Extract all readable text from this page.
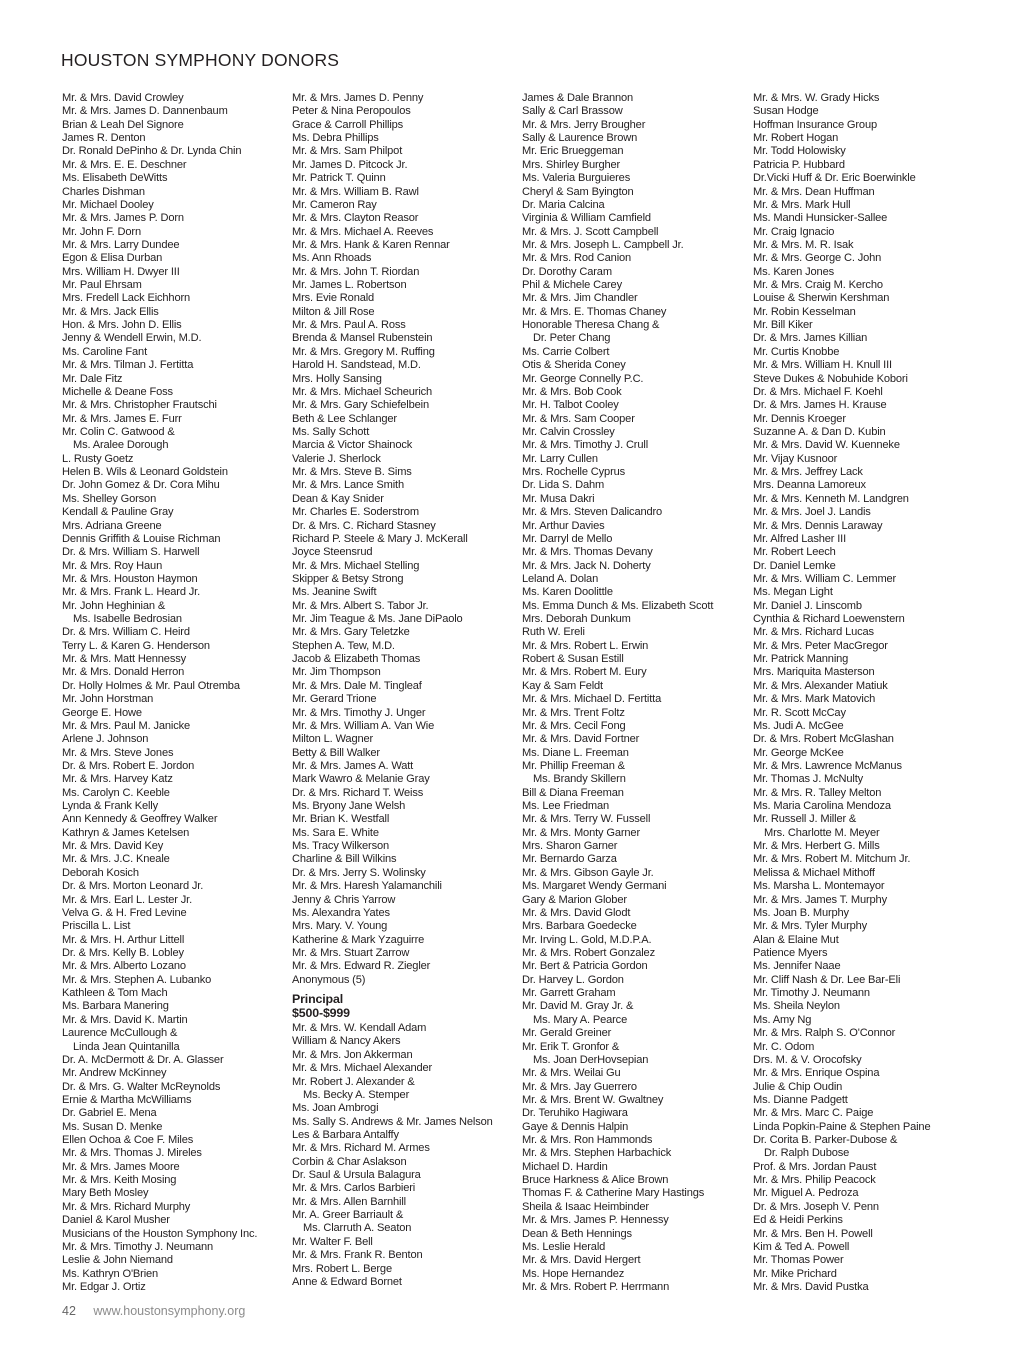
HOUSTON SYMPHONY DONORS
Mr. & Mrs. David Crowley
Mr. & Mrs. James D. Dannenbaum
Brian & Leah Del Signore
James R. Denton
Dr. Ronald DePinho & Dr. Lynda Chin
Mr. & Mrs. E. E. Deschner
Ms. Elisabeth DeWitts
Charles Dishman
Mr. Michael Dooley
Mr. & Mrs. James P. Dorn
Mr. John F. Dorn
Mr. & Mrs. Larry Dundee
Egon & Elisa Durban
Mrs. William H. Dwyer III
Mr. Paul Ehrsam
Mrs. Fredell Lack Eichhorn
Mr. & Mrs. Jack Ellis
Hon. & Mrs. John D. Ellis
Jenny & Wendell Erwin, M.D.
Ms. Caroline Fant
Mr. & Mrs. Tilman J. Fertitta
Mr. Dale Fitz
Michelle & Deane Foss
Mr. & Mrs. Christopher Frautschi
Mr. & Mrs. James E. Furr
Mr. Colin C. Gatwood &
Ms. Aralee Dorough
L. Rusty Goetz
Helen B. Wils & Leonard Goldstein
Dr. John Gomez & Dr. Cora Mihu
Ms. Shelley Gorson
Kendall & Pauline Gray
Mrs. Adriana Greene
Dennis Griffith & Louise Richman
Dr. & Mrs. William S. Harwell
Mr. & Mrs. Roy Haun
Mr. & Mrs. Houston Haymon
Mr. & Mrs. Frank L. Heard Jr.
Mr. John Heghinian &
Ms. Isabelle Bedrosian
Dr. & Mrs. William C. Heird
Terry L. & Karen G. Henderson
Mr. & Mrs. Matt Hennessy
Mr. & Mrs. Donald Herron
Dr. Holly Holmes & Mr. Paul Otremba
Mr. John Horstman
George E. Howe
Mr. & Mrs. Paul M. Janicke
Arlene J. Johnson
Mr. & Mrs. Steve Jones
Dr. & Mrs. Robert E. Jordon
Mr. & Mrs. Harvey Katz
Ms. Carolyn C. Keeble
Lynda & Frank Kelly
Ann Kennedy & Geoffrey Walker
Kathryn & James Ketelsen
Mr. & Mrs. David Key
Mr. & Mrs. J.C. Kneale
Deborah Kosich
Dr. & Mrs. Morton Leonard Jr.
Mr. & Mrs. Earl L. Lester Jr.
Velva G. & H. Fred Levine
Priscilla L. List
Mr. & Mrs. H. Arthur Littell
Dr. & Mrs. Kelly B. Lobley
Mr. & Mrs. Alberto Lozano
Mr. & Mrs. Stephen A. Lubanko
Kathleen & Tom Mach
Ms. Barbara Manering
Mr. & Mrs. David K. Martin
Laurence McCullough &
Linda Jean Quintanilla
Dr. A. McDermott & Dr. A. Glasser
Mr. Andrew McKinney
Dr. & Mrs. G. Walter McReynolds
Ernie & Martha McWilliams
Dr. Gabriel E. Mena
Ms. Susan D. Menke
Ellen Ochoa & Coe F. Miles
Mr. & Mrs. Thomas J. Mireles
Mr. & Mrs. James Moore
Mr. & Mrs. Keith Mosing
Mary Beth Mosley
Mr. & Mrs. Richard Murphy
Daniel & Karol Musher
Musicians of the Houston Symphony Inc.
Mr. & Mrs. Timothy J. Neumann
Leslie & John Niemand
Ms. Kathryn O'Brien
Mr. Edgar J. Ortiz
Mr. & Mrs. James D. Penny
Peter & Nina Peropoulos
Grace & Carroll Phillips
Ms. Debra Phillips
Mr. & Mrs. Sam Philpot
Mr. James D. Pitcock Jr.
Mr. Patrick T. Quinn
Mr. & Mrs. William B. Rawl
Mr. Cameron Ray
Mr. & Mrs. Clayton Reasor
Mr. & Mrs. Michael A. Reeves
Mr. & Mrs. Hank & Karen Rennar
Ms. Ann Rhoads
Mr. & Mrs. John T. Riordan
Mr. James L. Robertson
Mrs. Evie Ronald
Milton & Jill Rose
Mr. & Mrs. Paul A. Ross
Brenda & Mansel Rubenstein
Mr. & Mrs. Gregory M. Ruffing
Harold H. Sandstead, M.D.
Mrs. Holly Sansing
Mr. & Mrs. Michael Scheurich
Mr. & Mrs. Gary Schiefelbein
Beth & Lee Schlanger
Ms. Sally Schott
Marcia & Victor Shainock
Valerie J. Sherlock
Mr. & Mrs. Steve B. Sims
Mr. & Mrs. Lance Smith
Dean & Kay Snider
Mr. Charles E. Soderstrom
Dr. & Mrs. C. Richard Stasney
Richard P. Steele & Mary J. McKerall
Joyce Steensrud
Mr. & Mrs. Michael Stelling
Skipper & Betsy Strong
Ms. Jeanine Swift
Mr. & Mrs. Albert S. Tabor Jr.
Mr. Jim Teague & Ms. Jane DiPaolo
Mr. & Mrs. Gary Teletzke
Stephen A. Tew, M.D.
Jacob & Elizabeth Thomas
Mr. Jim Thompson
Mr. & Mrs. Dale M. Tingleaf
Mr. Gerard Trione
Mr. & Mrs. Timothy J. Unger
Mr. & Mrs. William A. Van Wie
Milton L. Wagner
Betty & Bill Walker
Mr. & Mrs. James A. Watt
Mark Wawro & Melanie Gray
Dr. & Mrs. Richard T. Weiss
Ms. Bryony Jane Welsh
Mr. Brian K. Westfall
Ms. Sara E. White
Ms. Tracy Wilkerson
Charline & Bill Wilkins
Dr. & Mrs. Jerry S. Wolinsky
Mr. & Mrs. Haresh Yalamanchili
Jenny & Chris Yarrow
Ms. Alexandra Yates
Mrs. Mary. V. Young
Katherine & Mark Yzaguirre
Mr. & Mrs. Stuart Zarrow
Mr. & Mrs. Edward R. Ziegler
Anonymous (5)
Principal
$500-$999
Mr. & Mrs. W. Kendall Adam
William & Nancy Akers
Mr. & Mrs. Jon Akkerman
Mr. & Mrs. Michael Alexander
Mr. Robert J. Alexander &
Ms. Becky A. Stemper
Ms. Joan Ambrogi
Ms. Sally S. Andrews & Mr. James Nelson
Les & Barbara Antalffy
Mr. & Mrs. Richard M. Armes
Corbin & Char Aslakson
Dr. Saul & Ursula Balagura
Mr. & Mrs. Carlos Barbieri
Mr. & Mrs. Allen Barnhill
Mr. A. Greer Barriault &
Ms. Clarruth A. Seaton
Mr. Walter F. Bell
Mr. & Mrs. Frank R. Benton
Mrs. Robert L. Berge
Anne & Edward Bornet
James & Dale Brannon
Sally & Carl Brassow
Mr. & Mrs. Jerry Brougher
Sally & Laurence Brown
Mr. Eric Brueggeman
Mrs. Shirley Burgher
Ms. Valeria Burguieres
Cheryl & Sam Byington
Dr. Maria Calcina
Virginia & William Camfield
Mr. & Mrs. J. Scott Campbell
Mr. & Mrs. Joseph L. Campbell Jr.
Mr. & Mrs. Rod Canion
Dr. Dorothy Caram
Phil & Michele Carey
Mr. & Mrs. Jim Chandler
Mr. & Mrs. E. Thomas Chaney
Honorable Theresa Chang &
Dr. Peter Chang
Ms. Carrie Colbert
Otis & Sherida Coney
Mr. George Connelly P.C.
Mr. & Mrs. Bob Cook
Mr. H. Talbot Cooley
Mr. & Mrs. Sam Cooper
Mr. Calvin Crossley
Mr. & Mrs. Timothy J. Crull
Mr. Larry Cullen
Mrs. Rochelle Cyprus
Dr. Lida S. Dahm
Mr. Musa Dakri
Mr. & Mrs. Steven Dalicandro
Mr. Arthur Davies
Mr. Darryl de Mello
Mr. & Mrs. Thomas Devany
Mr. & Mrs. Jack N. Doherty
Leland A. Dolan
Ms. Karen Doolittle
Ms. Emma Dunch & Ms. Elizabeth Scott
Mrs. Deborah Dunkum
Ruth W. Ereli
Mr. & Mrs. Robert L. Erwin
Robert & Susan Estill
Mr. & Mrs. Robert M. Eury
Kay & Sam Feldt
Mr. & Mrs. Michael D. Fertitta
Mr. & Mrs. Trent Foltz
Mr. & Mrs. Cecil Fong
Mr. & Mrs. David Fortner
Ms. Diane L. Freeman
Mr. Phillip Freeman &
Ms. Brandy Skillern
Bill & Diana Freeman
Ms. Lee Friedman
Mr. & Mrs. Terry W. Fussell
Mr. & Mrs. Monty Garner
Mrs. Sharon Garner
Mr. Bernardo Garza
Mr. & Mrs. Gibson Gayle Jr.
Ms. Margaret Wendy Germani
Gary & Marion Glober
Mr. & Mrs. David Glodt
Mrs. Barbara Goedecke
Mr. Irving L. Gold, M.D.P.A.
Mr. & Mrs. Robert Gonzalez
Mr. Bert & Patricia Gordon
Dr. Harvey L. Gordon
Mr. Garrett Graham
Mr. David M. Gray Jr. &
Ms. Mary A. Pearce
Mr. Gerald Greiner
Mr. Erik T. Gronfor &
Ms. Joan DerHovsepian
Mr. & Mrs. Weilai Gu
Mr. & Mrs. Jay Guerrero
Mr. & Mrs. Brent W. Gwaltney
Dr. Teruhiko Hagiwara
Gaye & Dennis Halpin
Mr. & Mrs. Ron Hammonds
Mr. & Mrs. Stephen Harbachick
Michael D. Hardin
Bruce Harkness & Alice Brown
Thomas F. & Catherine Mary Hastings
Sheila & Isaac Heimbinder
Mr. & Mrs. James P. Hennessy
Dean & Beth Hennings
Ms. Leslie Herald
Mr. & Mrs. David Hergert
Ms. Hope Hernandez
Mr. & Mrs. Robert P. Herrmann
Mr. & Mrs. W. Grady Hicks
Susan Hodge
Hoffman Insurance Group
Mr. Robert Hogan
Mr. Todd Holowisky
Patricia P. Hubbard
Dr.Vicki Huff & Dr. Eric Boerwinkle
Mr. & Mrs. Dean Huffman
Mr. & Mrs. Mark Hull
Ms. Mandi Hunsicker-Sallee
Mr. Craig Ignacio
Mr. & Mrs. M. R. Isak
Mr. & Mrs. George C. John
Ms. Karen Jones
Mr. & Mrs. Craig M. Kercho
Louise & Sherwin Kershman
Mr. Robin Kesselman
Mr. Bill Kiker
Dr. & Mrs. James Killian
Mr. Curtis Knobbe
Mr. & Mrs. William H. Knull III
Steve Dukes & Nobuhide Kobori
Dr. & Mrs. Michael F. Koehl
Dr. & Mrs. James H. Krause
Mr. Dennis Kroeger
Suzanne A. & Dan D. Kubin
Mr. & Mrs. David W. Kuenneke
Mr. Vijay Kusnoor
Mr. & Mrs. Jeffrey Lack
Mrs. Deanna Lamoreux
Mr. & Mrs. Kenneth M. Landgren
Mr. & Mrs. Joel J. Landis
Mr. & Mrs. Dennis Laraway
Mr. Alfred Lasher III
Mr. Robert Leech
Dr. Daniel Lemke
Mr. & Mrs. William C. Lemmer
Ms. Megan Light
Mr. Daniel J. Linscomb
Cynthia & Richard Loewenstern
Mr. & Mrs. Richard Lucas
Mr. & Mrs. Peter MacGregor
Mr. Patrick Manning
Mrs. Mariquita Masterson
Mr. & Mrs. Alexander Matiuk
Mr. & Mrs. Mark Matovich
Mr. R. Scott McCay
Ms. Judi A. McGee
Dr. & Mrs. Robert McGlashan
Mr. George McKee
Mr. & Mrs. Lawrence McManus
Mr. Thomas J. McNulty
Mr. & Mrs. R. Talley Melton
Ms. Maria Carolina Mendoza
Mr. Russell J. Miller &
Mrs. Charlotte M. Meyer
Mr. & Mrs. Herbert G. Mills
Mr. & Mrs. Robert M. Mitchum Jr.
Melissa & Michael Mithoff
Ms. Marsha L. Montemayor
Mr. & Mrs. James T. Murphy
Ms. Joan B. Murphy
Mr. & Mrs. Tyler Murphy
Alan & Elaine Mut
Patience Myers
Ms. Jennifer Naae
Mr. Cliff Nash & Dr. Lee Bar-Eli
Mr. Timothy J. Neumann
Ms. Sheila Neylon
Ms. Amy Ng
Mr. & Mrs. Ralph S. O'Connor
Mr. C. Odom
Drs. M. & V. Orocofsky
Mr. & Mrs. Enrique Ospina
Julie & Chip Oudin
Ms. Dianne Padgett
Mr. & Mrs. Marc C. Paige
Linda Popkin-Paine & Stephen Paine
Dr. Corita B. Parker-Dubose &
Dr. Ralph Dubose
Prof. & Mrs. Jordan Paust
Mr. & Mrs. Philip Peacock
Mr. Miguel A. Pedroza
Dr. & Mrs. Joseph V. Penn
Ed & Heidi Perkins
Mr. & Mrs. Ben H. Powell
Kim & Ted A. Powell
Mr. Thomas Power
Mr. Mike Prichard
Mr. & Mrs. David Pustka
42 www.houstonsymphony.org
